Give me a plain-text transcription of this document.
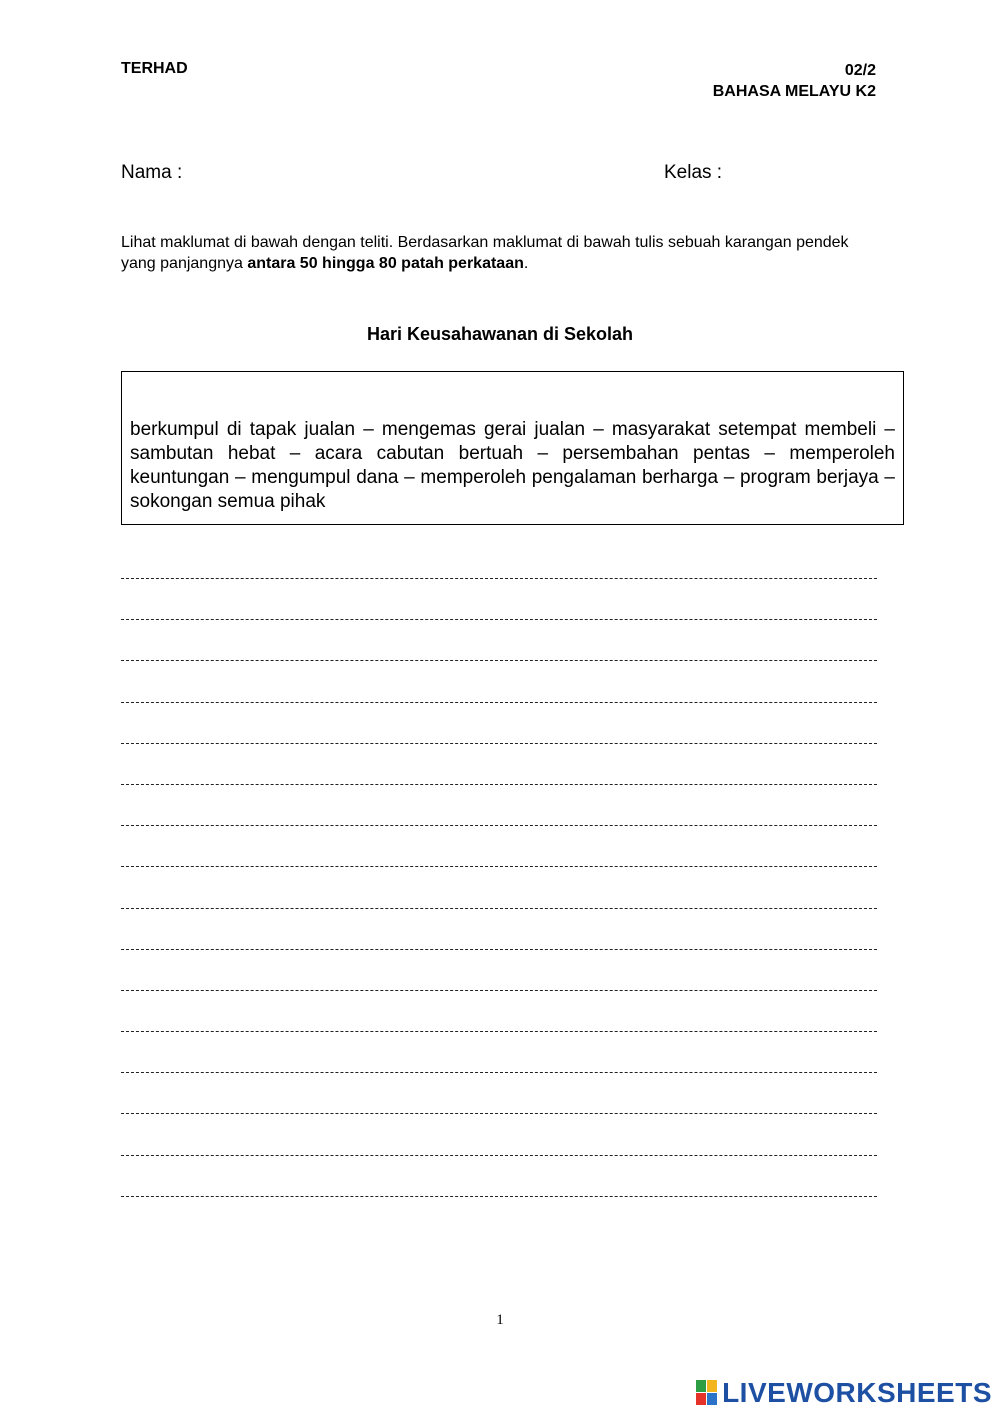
TERHAD	02/2
BAHASA MELAYU K2
Nama :	Kelas :
Lihat maklumat di bawah dengan teliti. Berdasarkan maklumat di bawah tulis sebuah karangan pendek yang panjangnya antara 50 hingga 80 patah perkataan.
Hari Keusahawanan di Sekolah
berkumpul di tapak jualan – mengemas gerai jualan – masyarakat setempat membeli – sambutan hebat – acara cabutan bertuah – persembahan pentas – memperoleh keuntungan – mengumpul dana – memperoleh pengalaman berharga – program berjaya – sokongan semua pihak
1
LIVEWORKSHEETS
